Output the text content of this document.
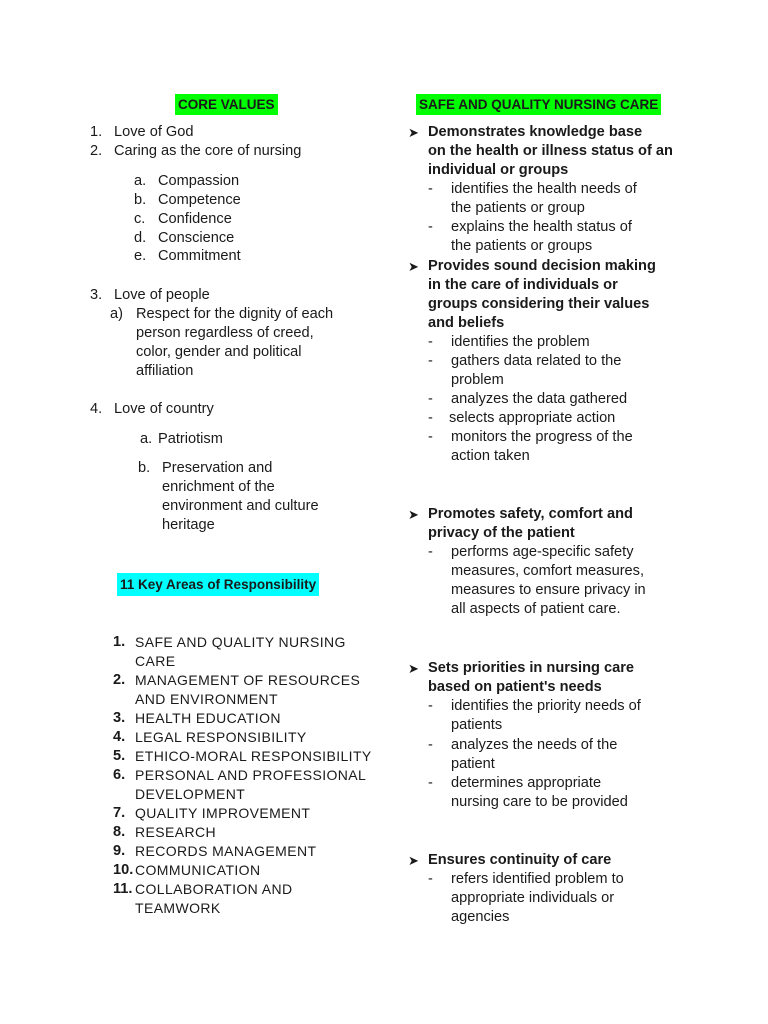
CORE VALUES
1. Love of God
2. Caring as the core of nursing
a. Compassion
b. Competence
c. Confidence
d. Conscience
e. Commitment
3. Love of people
a) Respect for the dignity of each
person regardless of creed,
color, gender and political
affiliation
4. Love of country
a. Patriotism
b. Preservation and
enrichment of the
environment and culture
heritage
11 Key Areas of Responsibility
1. SAFE AND QUALITY NURSING
CARE
2. MANAGEMENT OF RESOURCES
AND ENVIRONMENT
3. HEALTH EDUCATION
4. LEGAL RESPONSIBILITY
5. ETHICO-MORAL RESPONSIBILITY
6. PERSONAL AND PROFESSIONAL
DEVELOPMENT
7. QUALITY IMPROVEMENT
8. RESEARCH
9. RECORDS MANAGEMENT
10. COMMUNICATION
11. COLLABORATION AND
TEAMWORK
SAFE AND QUALITY NURSING CARE
➤ Demonstrates knowledge base
on the health or illness status of an
individual or groups
- identifies the health needs of
the patients or group
- explains the health status of
the patients or groups
➤ Provides sound decision making
in the care of individuals or
groups considering their values
and beliefs
- identifies the problem
- gathers data related to the
problem
- analyzes the data gathered
- selects appropriate action
- monitors the progress of the
action taken
➤ Promotes safety, comfort and
privacy of the patient
- performs age-specific safety
measures, comfort measures,
measures to ensure privacy in
all aspects of patient care.
➤ Sets priorities in nursing care
based on patient's needs
- identifies the priority needs of
patients
- analyzes the needs of the
patient
- determines appropriate
nursing care to be provided
➤ Ensures continuity of care
- refers identified problem to
appropriate individuals or
agencies
